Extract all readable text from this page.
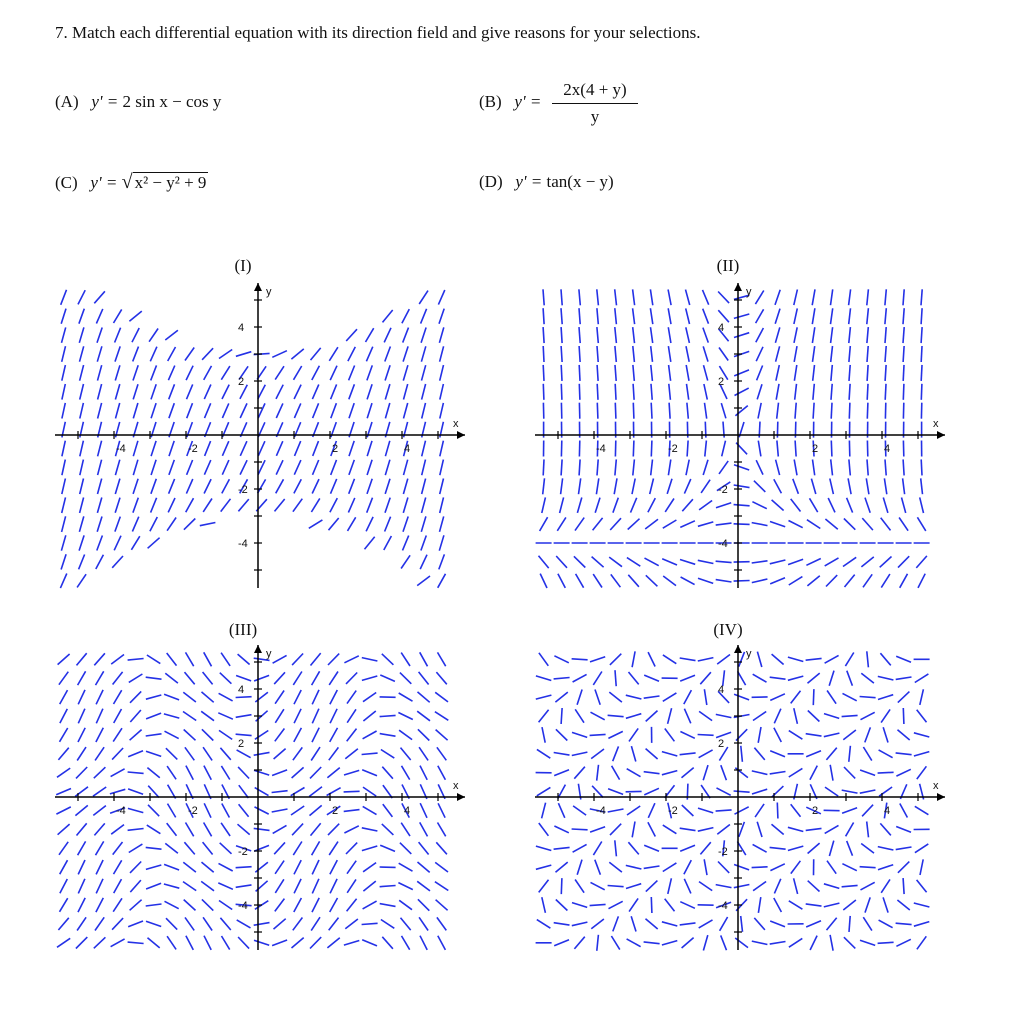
7. Match each differential equation with its direction field and give reasons for your selections.
(A) y' = 2 sin x − cos y	(B) y' =
2x(4 + y)
y
(C) y' = √ x² − y² + 9	(D) y' = tan(x − y)
(I)	(II)
(III)	(IV)
-4	-2	2	4
4
2
-2
-4
x
y
-4	-2	2	4
4
2
-2
-4
x
y
-4	-2	2	4
4
2
-2
-4
x
y
-4	-2	2	4
4
2
-2
-4
x
y
